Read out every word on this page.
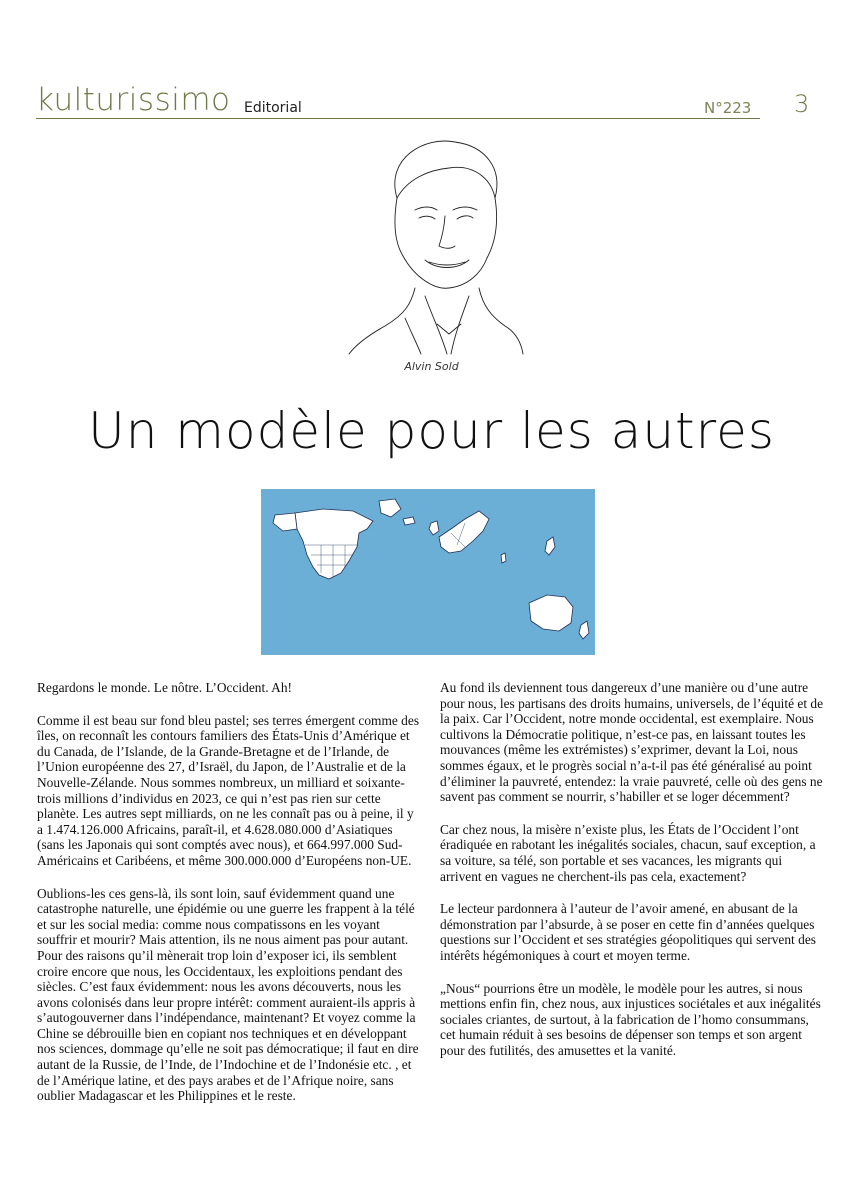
kulturissimo Editorial	N°223 3
Alvin Sold
Un modèle pour les autres

Regardons le monde. Le nôtre. L’Occident. Ah!

Comme il est beau sur fond bleu pastel; ses terres émergent comme des îles, on reconnaît les contours familiers des États-Unis d’Amérique et du Canada, de l’Islande, de la Grande-Bretagne et de l’Irlande, de l’Union européenne des 27, d’Israël, du Japon, de l’Australie et de la Nouvelle-Zélande. Nous sommes nombreux, un milliard et soixante-trois millions d’individus en 2023, ce qui n’est pas rien sur cette planète. Les autres sept milliards, on ne les connaît pas ou à peine, il y a 1.474.126.000 Africains, paraît-il, et 4.628.080.000 d’Asiatiques (sans les Japonais qui sont comptés avec nous), et 664.997.000 Sud-Américains et Caribéens, et même 300.000.000 d’Européens non-UE.

Oublions-les ces gens-là, ils sont loin, sauf évidemment quand une catastrophe naturelle, une épidémie ou une guerre les frappent à la télé et sur les social media: comme nous compatissons en les voyant souffrir et mourir? Mais attention, ils ne nous aiment pas pour autant. Pour des raisons qu’il mènerait trop loin d’exposer ici, ils semblent croire encore que nous, les Occidentaux, les exploitions pendant des siècles. C’est faux évidemment: nous les avons découverts, nous les avons colonisés dans leur propre intérêt: comment auraient-ils appris à s’autogouverner dans l’indépendance, maintenant? Et voyez comme la Chine se débrouille bien en copiant nos techniques et en développant nos sciences, dommage qu’elle ne soit pas démocratique; il faut en dire autant de la Russie, de l’Inde, de l’Indochine et de l’Indonésie etc. , et de l’Amérique latine, et des pays arabes et de l’Afrique noire, sans oublier Madagascar et les Philippines et le reste.

Au fond ils deviennent tous dangereux d’une manière ou d’une autre pour nous, les partisans des droits humains, universels, de l’équité et de la paix. Car l’Occident, notre monde occidental, est exemplaire. Nous cultivons la Démocratie politique, n’est-ce pas, en laissant toutes les mouvances (même les extrémistes) s’exprimer, devant la Loi, nous sommes égaux, et le progrès social n’a-t-il pas été généralisé au point d’éliminer la pauvreté, entendez: la vraie pauvreté, celle où des gens ne savent pas comment se nourrir, s’habiller et se loger décemment?

Car chez nous, la misère n’existe plus, les États de l’Occident l’ont éradiquée en rabotant les inégalités sociales, chacun, sauf exception, a sa voiture, sa télé, son portable et ses vacances, les migrants qui arrivent en vagues ne cherchent-ils pas cela, exactement?

Le lecteur pardonnera à l’auteur de l’avoir amené, en abusant de la démonstration par l’absurde, à se poser en cette fin d’années quelques questions sur l’Occident et ses stratégies géopolitiques qui servent des intérêts hégémoniques à court et moyen terme.

„Nous“ pourrions être un modèle, le modèle pour les autres, si nous mettions enfin fin, chez nous, aux injustices sociétales et aux inégalités sociales criantes, de surtout, à la fabrication de l’homo consummans, cet humain réduit à ses besoins de dépenser son temps et son argent pour des futilités, des amusettes et la vanité.
